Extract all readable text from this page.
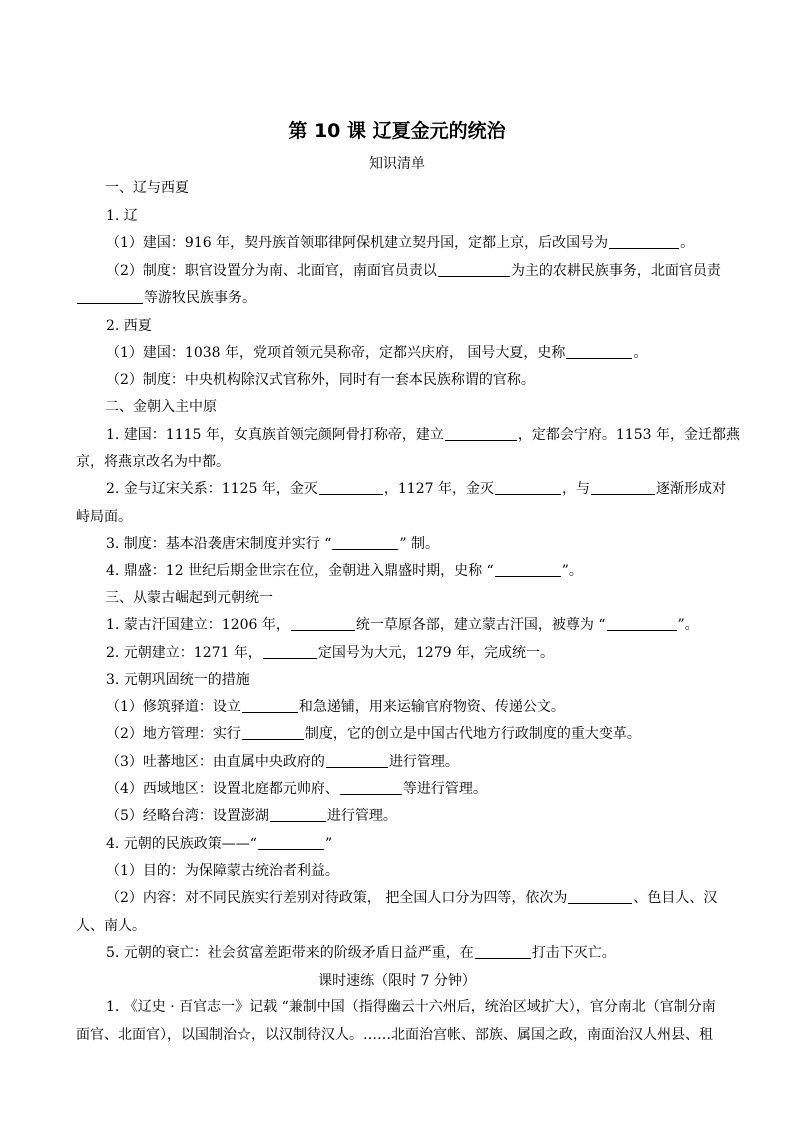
第 10 课 辽夏金元的统治
知识清单
一、辽与西夏
1. 辽
（1）建国：916 年，契丹族首领耶律阿保机建立契丹国，定都上京，后改国号为	。
（2）制度：职官设置分为南、北面官，南面官员责以	为主的农耕民族事务，北面官员责
等游牧民族事务。
2. 西夏
（1）建国：1038 年，党项首领元昊称帝，定都兴庆府， 国号大夏，史称	。
（2）制度：中央机构除汉式官称外，同时有一套本民族称谓的官称。
二、金朝入主中原
1. 建国：1115 年，女真族首领完颜阿骨打称帝，建立	，定都会宁府。1153 年，金迁都燕
京，将燕京改名为中都。
2. 金与辽宋关系：1125 年，金灭	，1127 年，金灭	，与	逐渐形成对
峙局面。
3. 制度：基本沿袭唐宋制度并实行 “	” 制。
4. 鼎盛：12 世纪后期金世宗在位，金朝进入鼎盛时期，史称 “	”。
三、从蒙古崛起到元朝统一
1. 蒙古汗国建立：1206 年，	统一草原各部，建立蒙古汗国，被尊为 “	”。
2. 元朝建立：1271 年，	定国号为大元，1279 年，完成统一。
3. 元朝巩固统一的措施
（1）修筑驿道：设立	和急递铺，用来运输官府物资、传递公文。
（2）地方管理：实行	制度，它的创立是中国古代地方行政制度的重大变革。
（3）吐蕃地区：由直属中央政府的	进行管理。
（4）西域地区：设置北庭都元帅府、	等进行管理。
（5）经略台湾：设置澎湖	进行管理。
4. 元朝的民族政策——“	”
（1）目的：为保障蒙古统治者利益。
（2）内容：对不同民族实行差别对待政策， 把全国人口分为四等，依次为	、色目人、汉
人、南人。
5. 元朝的衰亡：社会贫富差距带来的阶级矛盾日益严重，在	打击下灭亡。
课时速练（限时 7 分钟）
1. 《辽史 · 百官志一》记载 “兼制中国（指得幽云十六州后，统治区域扩大），官分南北（官制分南
面官、北面官），以国制治☆，以汉制待汉人。……北面治宫帐、部族、属国之政，南面治汉人州县、租
